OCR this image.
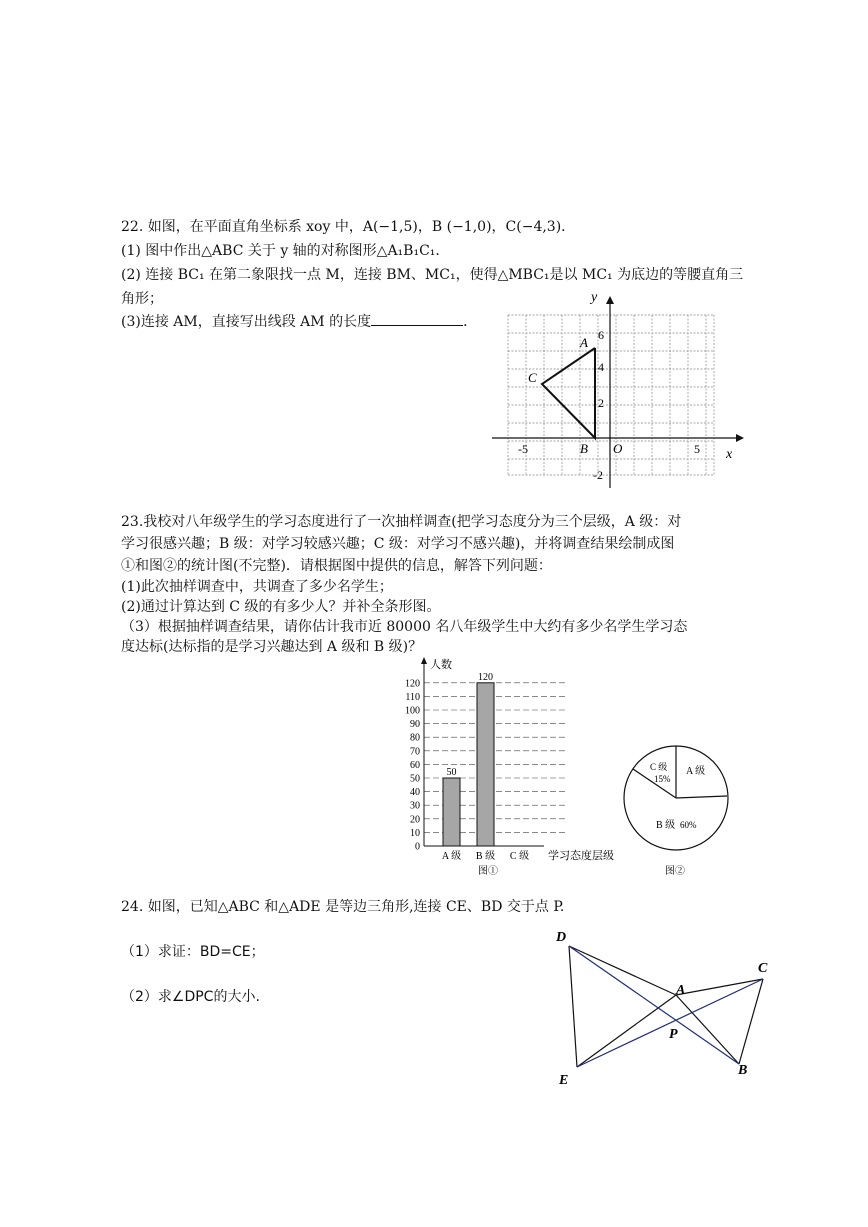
22. 如图，在平面直角坐标系 xoy 中，A(−1,5)，B (−1,0)，C(−4,3)．
(1) 图中作出△ABC 关于 y 轴的对称图形△A₁B₁C₁．
(2) 连接 BC₁ 在第二象限找一点 M，连接 BM、MC₁，使得△MBC₁是以 MC₁ 为底边的等腰直角三
角形；
(3)连接 AM，直接写出线段 AM 的长度	．
y
x
O
6
4
2
-2
-5	5
A
B
C
23.我校对八年级学生的学习态度进行了一次抽样调查(把学习态度分为三个层级，A 级：对
学习很感兴趣；B 级：对学习较感兴趣；C 级：对学习不感兴趣)，并将调查结果绘制成图
①和图②的统计图(不完整)．请根据图中提供的信息，解答下列问题：
(1)此次抽样调查中，共调查了多少名学生；
(2)通过计算达到 C 级的有多少人？并补全条形图。
（3）根据抽样调查结果，请你估计我市近 80000 名八年级学生中大约有多少名学生学习态
度达标(达标指的是学习兴趣达到 A 级和 B 级)？
0
10
20
30
40
50
60
70
80
90
100
110
120
50
A 级
120
B 级 C 级
人数
学习态度层级
图①
A 级
C 级
15%
B 级 60%
图②
24. 如图，已知△ABC 和△ADE 是等边三角形,连接 CE、BD 交于点 P.
（1）求证：BD=CE；
（2）求∠DPC的大小.
D
C
A
P
E
B
